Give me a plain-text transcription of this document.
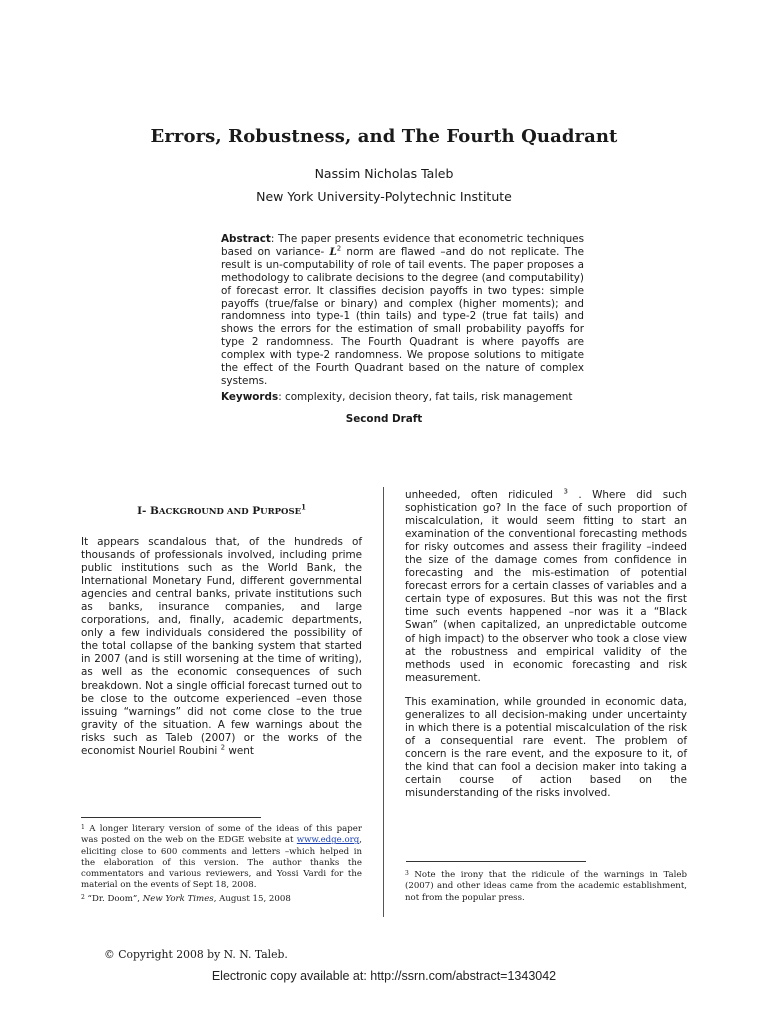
Errors, Robustness, and The Fourth Quadrant
Nassim Nicholas Taleb
New York University-Polytechnic Institute
Abstract: The paper presents evidence that econometric techniques based on variance- $L^2$ norm are flawed –and do not replicate. The result is un-computability of role of tail events. The paper proposes a methodology to calibrate decisions to the degree (and computability) of forecast error. It classifies decision payoffs in two types: simple payoffs (true/false or binary) and complex (higher moments); and randomness into type-1 (thin tails) and type-2 (true fat tails) and shows the errors for the estimation of small probability payoffs for type 2 randomness. The Fourth Quadrant is where payoffs are complex with type-2 randomness. We propose solutions to mitigate the effect of the Fourth Quadrant based on the nature of complex systems.
Keywords: complexity, decision theory, fat tails, risk management
Second Draft
I- BACKGROUND AND PURPOSE$^1$

It appears scandalous that, of the hundreds of thousands of professionals involved, including prime public institutions such as the World Bank, the International Monetary Fund, different governmental agencies and central banks, private institutions such as banks, insurance companies, and large corporations, and, finally, academic departments, only a few individuals considered the possibility of the total collapse of the banking system that started in 2007 (and is still worsening at the time of writing), as well as the economic consequences of such breakdown. Not a single official forecast turned out to be close to the outcome experienced –even those issuing “warnings” did not come close to the true gravity of the situation. A few warnings about the risks such as Taleb (2007) or the works of the economist Nouriel Roubini $^2$ went

unheeded, often ridiculed $^3$ . Where did such sophistication go? In the face of such proportion of miscalculation, it would seem fitting to start an examination of the conventional forecasting methods for risky outcomes and assess their fragility –indeed the size of the damage comes from confidence in forecasting and the mis-estimation of potential forecast errors for a certain classes of variables and a certain type of exposures. But this was not the first time such events happened –nor was it a “Black Swan” (when capitalized, an unpredictable outcome of high impact) to the observer who took a close view at the robustness and empirical validity of the methods used in economic forecasting and risk measurement.

This examination, while grounded in economic data, generalizes to all decision-making under uncertainty in which there is a potential miscalculation of the risk of a consequential rare event. The problem of concern is the rare event, and the exposure to it, of the kind that can fool a decision maker into taking a certain course of action based on the misunderstanding of the risks involved.

$^1$ A longer literary version of some of the ideas of this paper was posted on the web on the EDGE website at www.edge.org, eliciting close to 600 comments and letters –which helped in the elaboration of this version. The author thanks the commentators and various reviewers, and Yossi Vardi for the material on the events of Sept 18, 2008.

$^2$ “Dr. Doom”, New York Times, August 15, 2008

$^3$ Note the irony that the ridicule of the warnings in Taleb (2007) and other ideas came from the academic establishment, not from the popular press.

© Copyright 2008 by N. N. Taleb.
Electronic copy available at: http://ssrn.com/abstract=1343042
